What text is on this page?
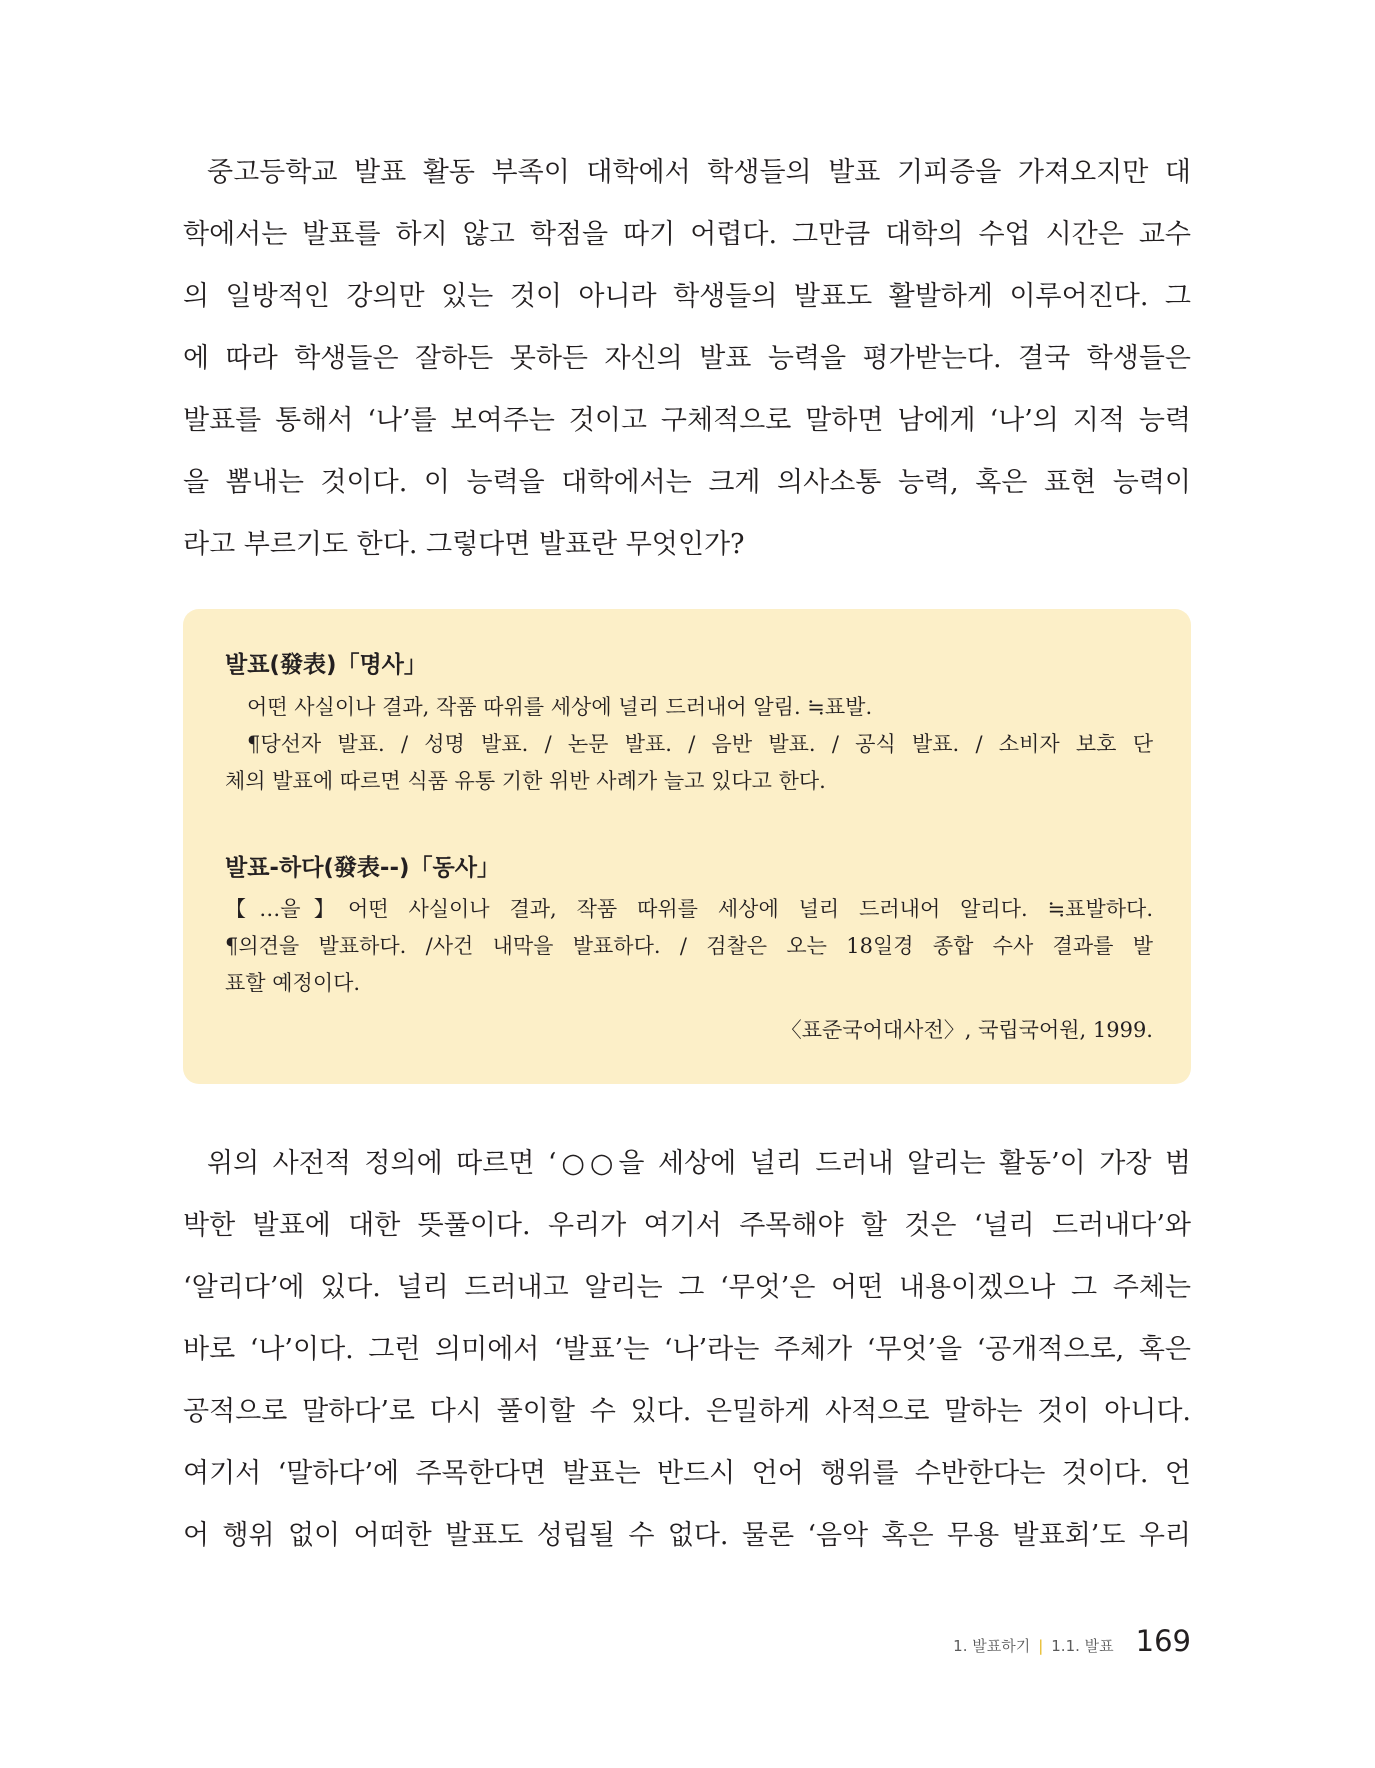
중고등학교 발표 활동 부족이 대학에서 학생들의 발표 기피증을 가져오지만 대
학에서는 발표를 하지 않고 학점을 따기 어렵다. 그만큼 대학의 수업 시간은 교수
의 일방적인 강의만 있는 것이 아니라 학생들의 발표도 활발하게 이루어진다. 그
에 따라 학생들은 잘하든 못하든 자신의 발표 능력을 평가받는다. 결국 학생들은
발표를 통해서 ‘나’를 보여주는 것이고 구체적으로 말하면 남에게 ‘나’의 지적 능력
을 뽐내는 것이다. 이 능력을 대학에서는 크게 의사소통 능력, 혹은 표현 능력이
라고 부르기도 한다. 그렇다면 발표란 무엇인가?
발표(發表)「명사」
어떤 사실이나 결과, 작품 따위를 세상에 널리 드러내어 알림. ≒표발.
¶당선자 발표. / 성명 발표. / 논문 발표. / 음반 발표. / 공식 발표. / 소비자 보호 단
체의 발표에 따르면 식품 유통 기한 위반 사례가 늘고 있다고 한다.
발표-하다(發表--)「동사」
【…을】어떤 사실이나 결과, 작품 따위를 세상에 널리 드러내어 알리다. ≒표발하다.
¶의견을 발표하다. /사건 내막을 발표하다. / 검찰은 오는 18일경 종합 수사 결과를 발
표할 예정이다.
〈표준국어대사전〉, 국립국어원, 1999.
위의 사전적 정의에 따르면 ‘○○을 세상에 널리 드러내 알리는 활동’이 가장 범
박한 발표에 대한 뜻풀이다. 우리가 여기서 주목해야 할 것은 ‘널리 드러내다’와
‘알리다’에 있다. 널리 드러내고 알리는 그 ‘무엇’은 어떤 내용이겠으나 그 주체는
바로 ‘나’이다. 그런 의미에서 ‘발표’는 ‘나’라는 주체가 ‘무엇’을 ‘공개적으로, 혹은
공적으로 말하다’로 다시 풀이할 수 있다. 은밀하게 사적으로 말하는 것이 아니다.
여기서 ‘말하다’에 주목한다면 발표는 반드시 언어 행위를 수반한다는 것이다. 언
어 행위 없이 어떠한 발표도 성립될 수 없다. 물론 ‘음악 혹은 무용 발표회’도 우리
1. 발표하기 | 1.1. 발표 169
